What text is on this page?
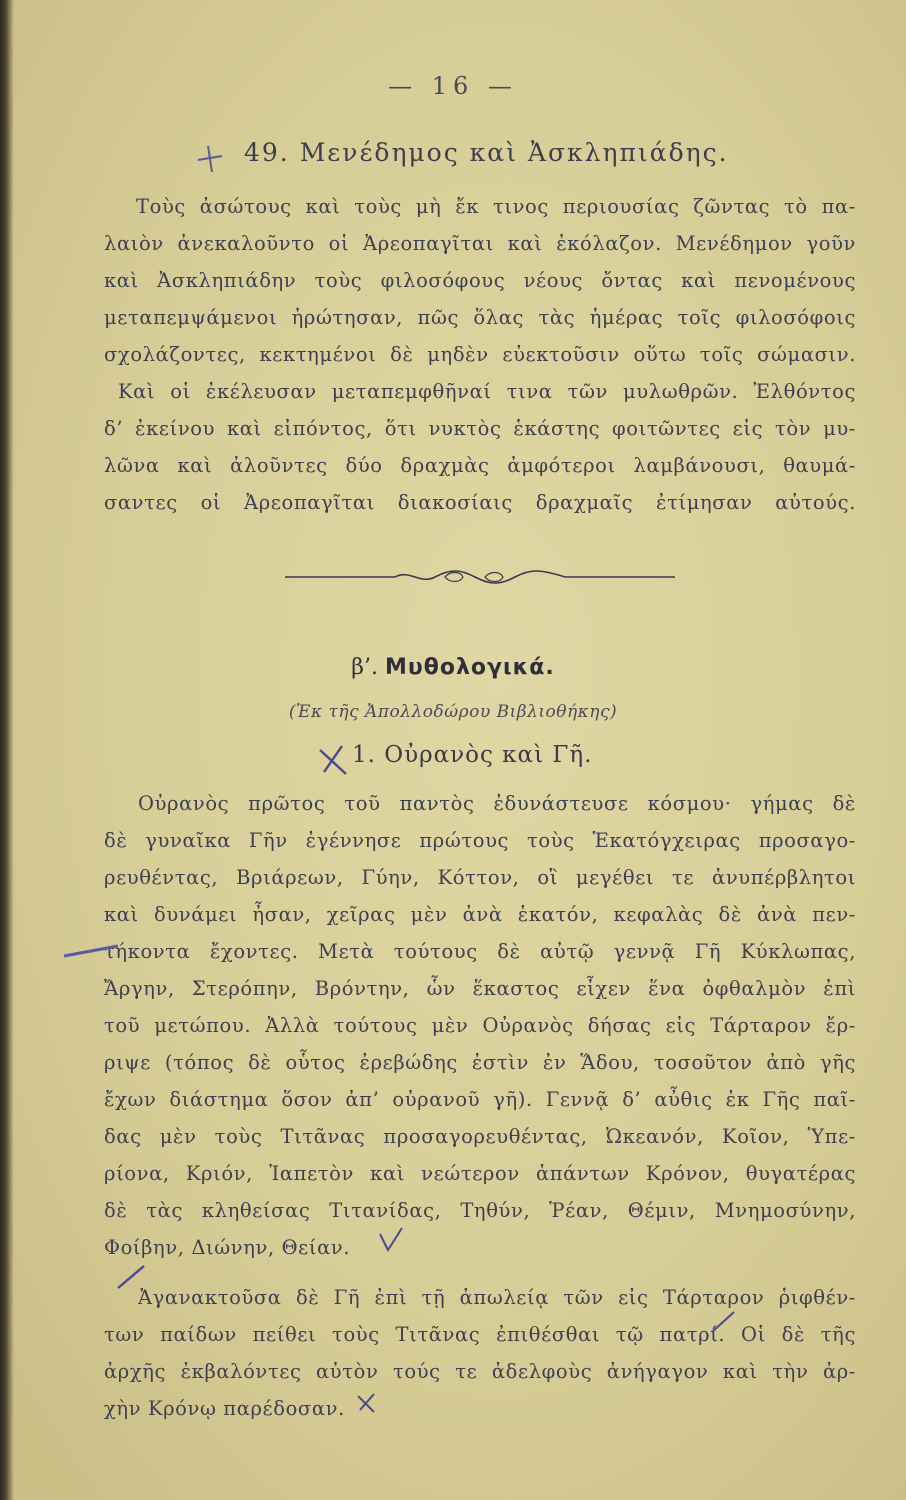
— 16 —
49. Μενέδημος καὶ Ἀσκληπιάδης.
Τοὺς ἀσώτους καὶ τοὺς μὴ ἔκ τινος περιουσίας ζῶντας τὸ πα-
λαιὸν ἀνεκαλοῦντο οἱ Ἀρεοπαγῖται καὶ ἐκόλαζον. Μενέδημον γοῦν
καὶ Ἀσκληπιάδην τοὺς φιλοσόφους νέους ὄντας καὶ πενομένους
μεταπεμψάμενοι ἠρώτησαν, πῶς ὅλας τὰς ἡμέρας τοῖς φιλοσόφοις
σχολάζοντες, κεκτημένοι δὲ μηδὲν εὐεκτοῦσιν οὕτω τοῖς σώμασιν.
Καὶ οἱ ἐκέλευσαν μεταπεμφθῆναί τινα τῶν μυλωθρῶν. Ἐλθόντος
δ’ ἐκείνου καὶ εἰπόντος, ὅτι νυκτὸς ἑκάστης φοιτῶντες εἰς τὸν μυ-
λῶνα καὶ ἀλοῦντες δύο δραχμὰς ἀμφότεροι λαμβάνουσι, θαυμά-
σαντες οἱ Ἀρεοπαγῖται διακοσίαις δραχμαῖς ἐτίμησαν αὐτούς.
β’. Μυθολογικά.
(Ἐκ τῆς Ἀπολλοδώρου Βιβλιοθήκης)
1. Οὐρανὸς καὶ Γῆ.
Οὐρανὸς πρῶτος τοῦ παντὸς ἐδυνάστευσε κόσμου· γήμας δὲ
δὲ γυναῖκα Γῆν ἐγέννησε πρώτους τοὺς Ἑκατόγχειρας προσαγο-
ρευθέντας, Βριάρεων, Γύην, Κόττον, οἳ μεγέθει τε ἀνυπέρβλητοι
καὶ δυνάμει ἦσαν, χεῖρας μὲν ἀνὰ ἑκατόν, κεφαλὰς δὲ ἀνὰ πεν-
τήκοντα ἔχοντες. Μετὰ τούτους δὲ αὐτῷ γεννᾷ Γῆ Κύκλωπας,
Ἄργην, Στερόπην, Βρόντην, ὧν ἕκαστος εἶχεν ἕνα ὀφθαλμὸν ἐπὶ
τοῦ μετώπου. Ἀλλὰ τούτους μὲν Οὐρανὸς δήσας εἰς Τάρταρον ἔρ-
ριψε (τόπος δὲ οὗτος ἐρεβώδης ἐστὶν ἐν Ἅδου, τοσοῦτον ἀπὸ γῆς
ἔχων διάστημα ὅσον ἀπ’ οὐρανοῦ γῆ). Γεννᾷ δ’ αὖθις ἐκ Γῆς παῖ-
δας μὲν τοὺς Τιτᾶνας προσαγορευθέντας, Ὠκεανόν, Κοῖον, Ὑπε-
ρίονα, Κριόν, Ἰαπετὸν καὶ νεώτερον ἁπάντων Κρόνον, θυγατέρας
δὲ τὰς κληθείσας Τιτανίδας, Τηθύν, Ῥέαν, Θέμιν, Μνημοσύνην,
Φοίβην, Διώνην, Θείαν.
Ἀγανακτοῦσα δὲ Γῆ ἐπὶ τῇ ἀπωλείᾳ τῶν εἰς Τάρταρον ῥιφθέν-
των παίδων πείθει τοὺς Τιτᾶνας ἐπιθέσθαι τῷ πατρί. Οἱ δὲ τῆς
ἀρχῆς ἐκβαλόντες αὐτὸν τούς τε ἀδελφοὺς ἀνήγαγον καὶ τὴν ἀρ-
χὴν Κρόνῳ παρέδοσαν.
